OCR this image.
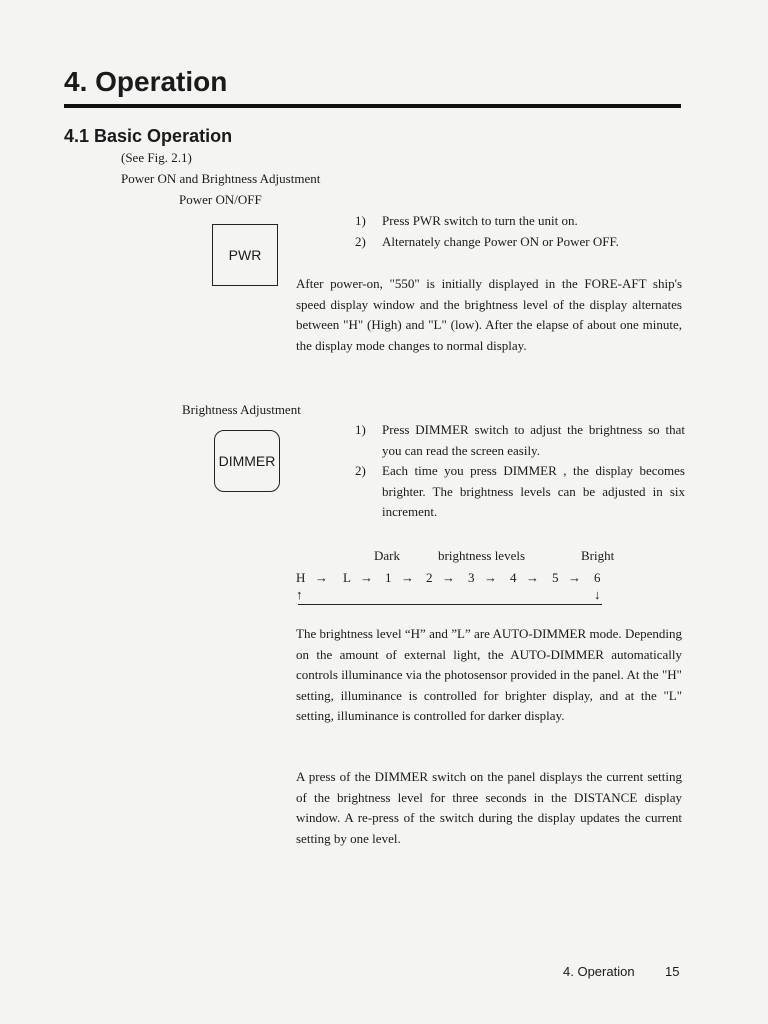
4. Operation
4.1 Basic Operation
(See Fig. 2.1)
Power ON and Brightness Adjustment
Power ON/OFF
PWR
1)	Press PWR switch to turn the unit on.
2)	Alternately change Power ON or Power OFF.
After power-on, "550" is initially displayed in the FORE-AFT ship's speed display window and the brightness level of the display alternates between "H" (High) and "L" (low). After the elapse of about one minute, the display mode changes to normal display.
Brightness Adjustment
DIMMER
1)	Press DIMMER switch to adjust the brightness so that you can read the screen easily.
2)	Each time you press DIMMER , the display becomes brighter. The brightness levels can be adjusted in six increment.
Dark	brightness levels	Bright
H	L	1	2	3	4	5	6
→ → → → → → →
↑	↓
The brightness level “H” and ”L” are AUTO-DIMMER mode. Depending on the amount of external light, the AUTO-DIMMER automatically controls illuminance via the photosensor provided in the panel. At the "H" setting, illuminance is controlled for brighter display, and at the "L" setting, illuminance is controlled for darker display.
A press of the DIMMER switch on the panel displays the current setting of the brightness level for three seconds in the DISTANCE display window. A re-press of the switch during the display updates the current setting by one level.
4. Operation 15
